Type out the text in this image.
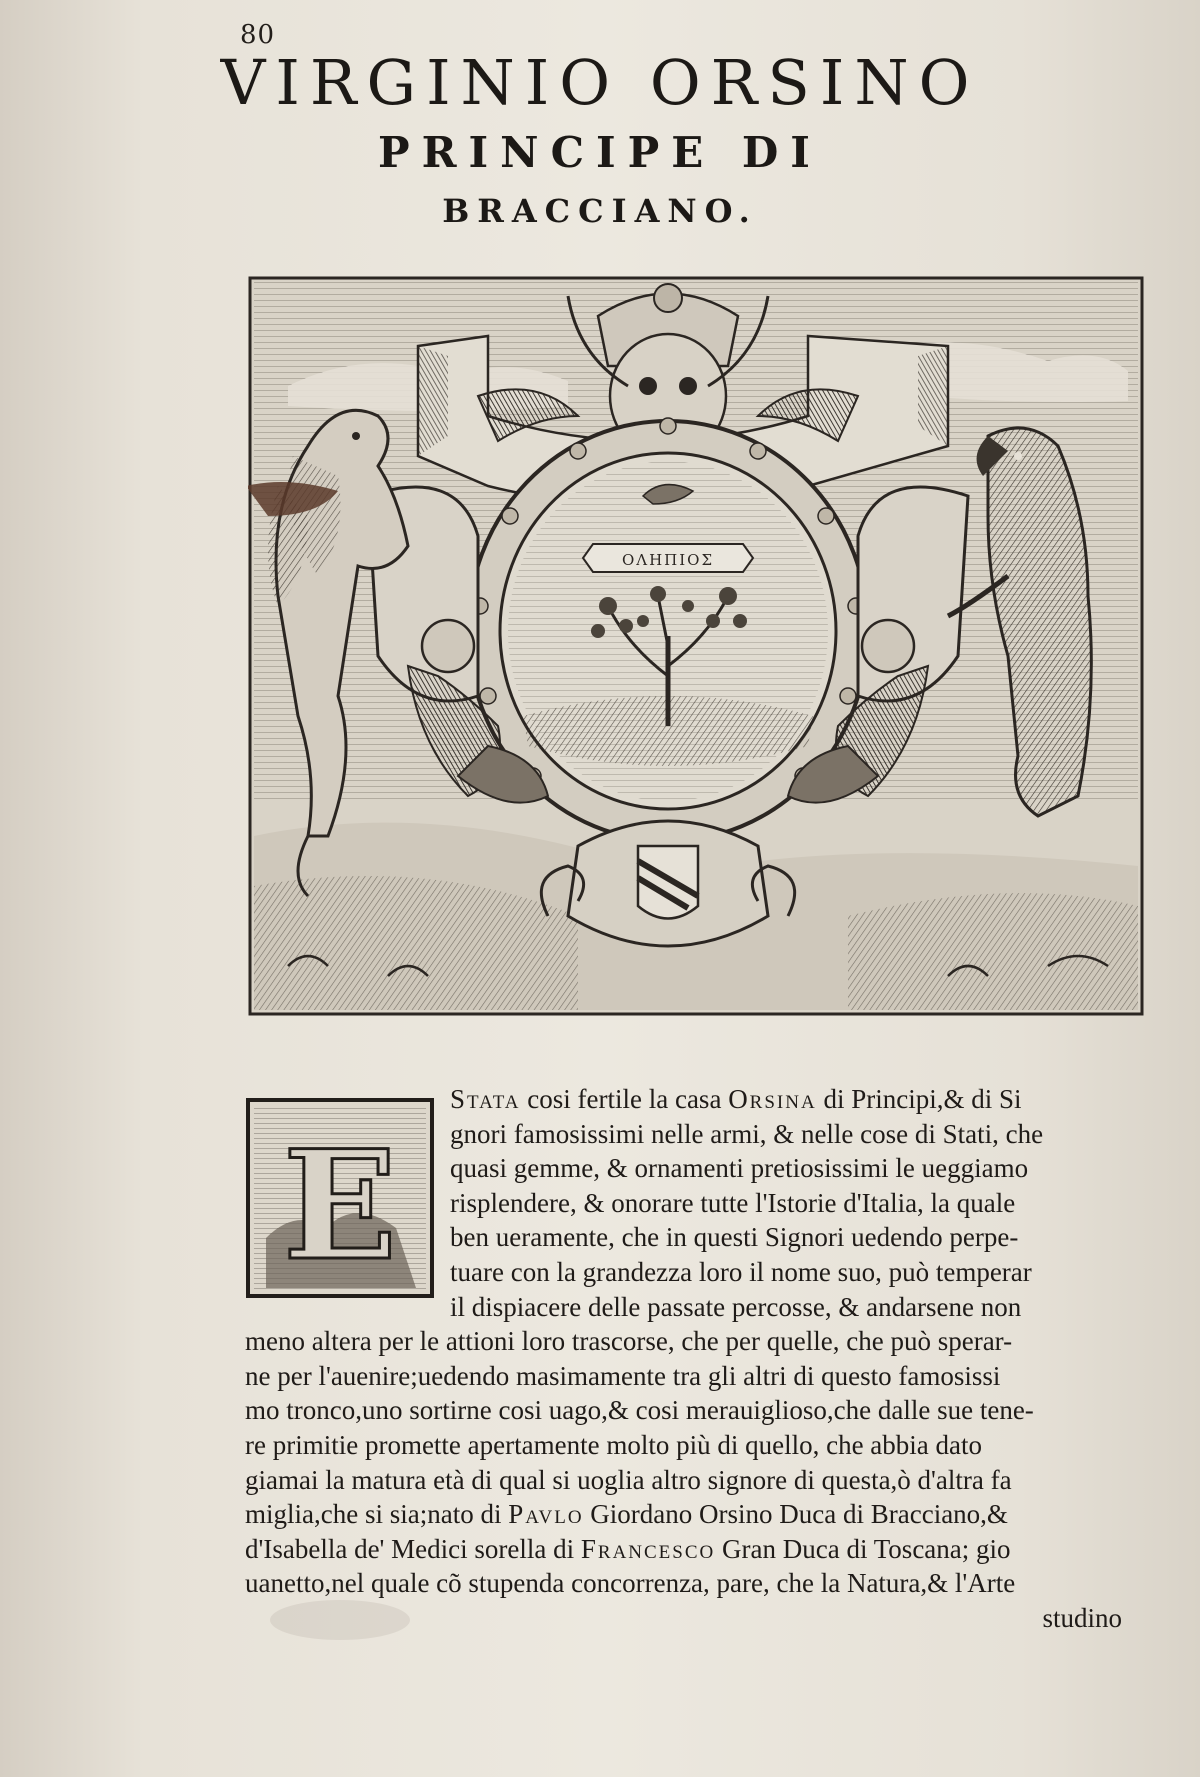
80
VIRGINIO ORSINO
PRINCIPE DI
BRACCIANO.
ОΛΗΠΙΟΣ
E
Stata cosi fertile la casa Orsina di Principi,& di Si
gnori famosissimi nelle armi, & nelle cose di Stati, che
quasi gemme, & ornamenti pretiosissimi le ueggiamo
risplendere, & onorare tutte l'Istorie d'Italia, la quale
ben ueramente, che in questi Signori uedendo perpe-
tuare con la grandezza loro il nome suo, può temperar
il dispiacere delle passate percosse, & andarsene non
meno altera per le attioni loro trascorse, che per quelle, che può sperar-
ne per l'auenire;uedendo masimamente tra gli altri di questo famosissi
mo tronco,uno sortirne cosi uago,& cosi merauiglioso,che dalle sue tene-
re primitie promette apertamente molto più di quello, che abbia dato
giamai la matura età di qual si uoglia altro signore di questa,ò d'altra fa
miglia,che si sia;nato di Pavlo Giordano Orsino Duca di Bracciano,&
d'Isabella de' Medici sorella di Francesco Gran Duca di Toscana; gio
uanetto,nel quale cõ stupenda concorrenza, pare, che la Natura,& l'Arte
studino
